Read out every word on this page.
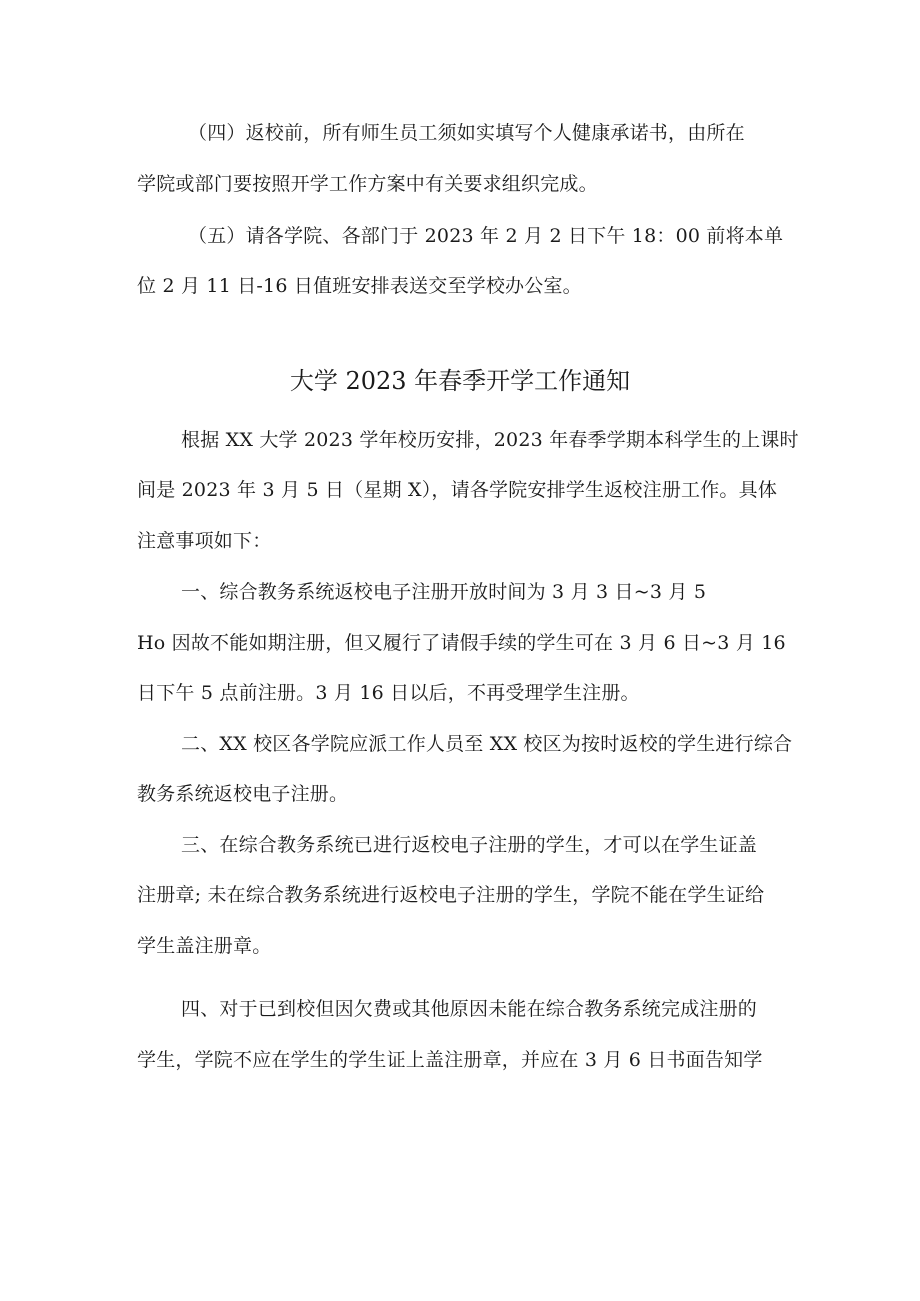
（四）返校前，所有师生员工须如实填写个人健康承诺书，由所在
学院或部门要按照开学工作方案中有关要求组织完成。
（五）请各学院、各部门于 2023 年 2 月 2 日下午 18：00 前将本单
位 2 月 11 日-16 日值班安排表送交至学校办公室。
大学 2023 年春季开学工作通知
根据 XX 大学 2023 学年校历安排，2023 年春季学期本科学生的上课时
间是 2023 年 3 月 5 日（星期 X），请各学院安排学生返校注册工作。具体
注意事项如下：
一、综合教务系统返校电子注册开放时间为 3 月 3 日~3 月 5
Ho 因故不能如期注册，但又履行了请假手续的学生可在 3 月 6 日~3 月 16
日下午 5 点前注册。3 月 16 日以后，不再受理学生注册。
二、XX 校区各学院应派工作人员至 XX 校区为按时返校的学生进行综合
教务系统返校电子注册。
三、在综合教务系统已进行返校电子注册的学生，才可以在学生证盖
注册章; 未在综合教务系统进行返校电子注册的学生，学院不能在学生证给
学生盖注册章。
四、对于已到校但因欠费或其他原因未能在综合教务系统完成注册的
学生，学院不应在学生的学生证上盖注册章，并应在 3 月 6 日书面告知学
